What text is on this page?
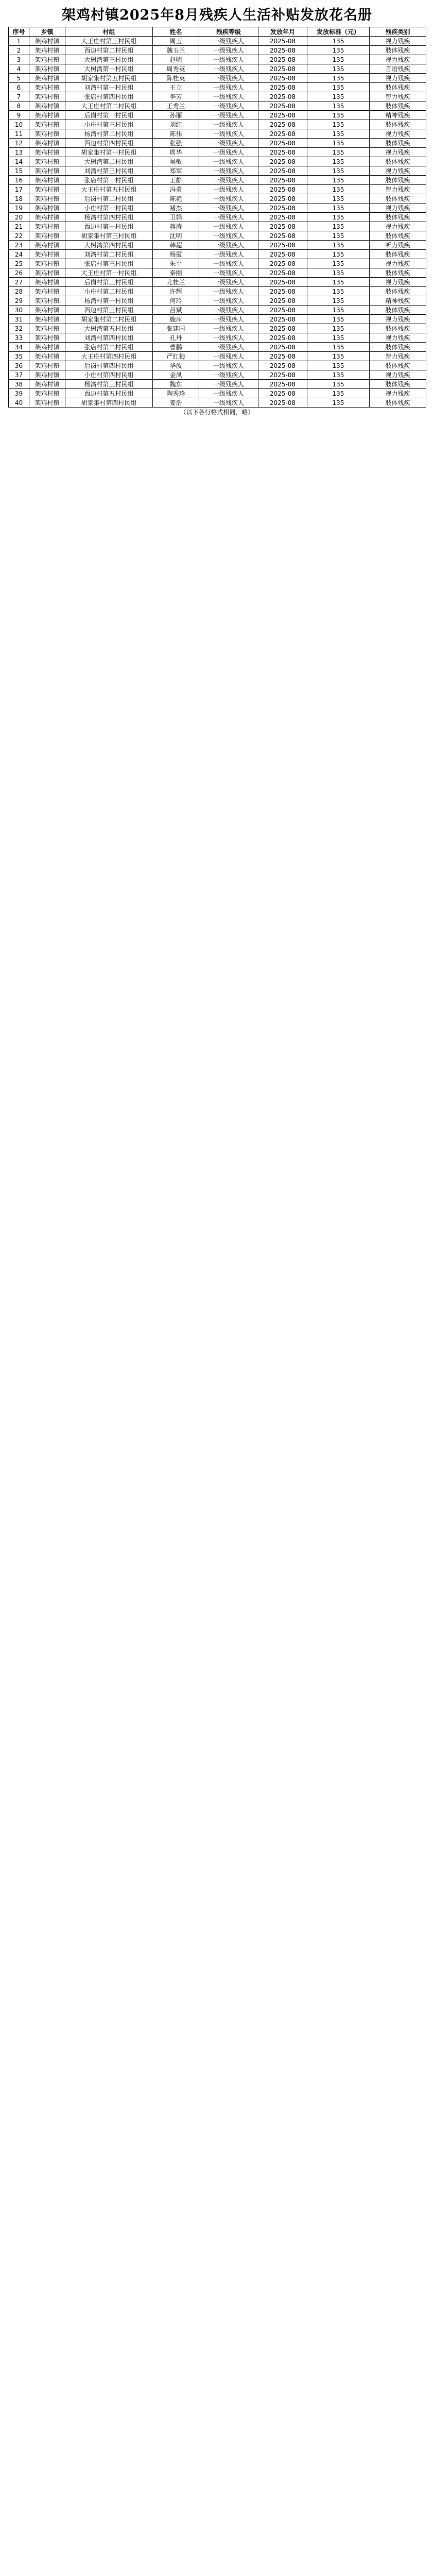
架鸡村镇2025年8月残疾人生活补贴发放花名册
序号	乡镇	村组	姓名	残疾等级	发放年月	发放标准（元）	残疾类别
1	架鸡村镇	大王庄村第三村民组	周玉	一级残疾人	2025-08	135	视力残疾
2	架鸡村镇	西边村第二村民组	魏玉兰	一级残疾人	2025-08	135	肢体残疾
3	架鸡村镇	大树湾第三村民组	赵明	一级残疾人	2025-08	135	视力残疾
4	架鸡村镇	大树湾第一村民组	周秀英	一级残疾人	2025-08	135	言语残疾
5	架鸡村镇	胡家集村第五村民组	陈桂英	一级残疾人	2025-08	135	视力残疾
6	架鸡村镇	刘湾村第一村民组	王立	一级残疾人	2025-08	135	肢体残疾
7	架鸡村镇	张店村第四村民组	李芳	一级残疾人	2025-08	135	智力残疾
8	架鸡村镇	大王庄村第二村民组	王秀兰	一级残疾人	2025-08	135	肢体残疾
9	架鸡村镇	后岗村第一村民组	孙丽	一级残疾人	2025-08	135	精神残疾
10	架鸡村镇	小庄村第三村民组	刘红	一级残疾人	2025-08	135	肢体残疾
11	架鸡村镇	杨湾村第二村民组	陈伟	一级残疾人	2025-08	135	视力残疾
12	架鸡村镇	西边村第四村民组	张强	一级残疾人	2025-08	135	肢体残疾
13	架鸡村镇	胡家集村第一村民组	周华	一级残疾人	2025-08	135	视力残疾
14	架鸡村镇	大树湾第二村民组	吴敏	一级残疾人	2025-08	135	肢体残疾
15	架鸡村镇	刘湾村第三村民组	郑军	一级残疾人	2025-08	135	视力残疾
16	架鸡村镇	张店村第一村民组	王静	一级残疾人	2025-08	135	肢体残疾
17	架鸡村镇	大王庄村第五村民组	冯勇	一级残疾人	2025-08	135	智力残疾
18	架鸡村镇	后岗村第二村民组	陈艳	一级残疾人	2025-08	135	肢体残疾
19	架鸡村镇	小庄村第一村民组	褚杰	一级残疾人	2025-08	135	视力残疾
20	架鸡村镇	杨湾村第四村民组	卫娟	一级残疾人	2025-08	135	肢体残疾
21	架鸡村镇	西边村第一村民组	蒋涛	一级残疾人	2025-08	135	视力残疾
22	架鸡村镇	胡家集村第三村民组	沈明	一级残疾人	2025-08	135	肢体残疾
23	架鸡村镇	大树湾第四村民组	韩超	一级残疾人	2025-08	135	听力残疾
24	架鸡村镇	刘湾村第二村民组	杨霞	一级残疾人	2025-08	135	肢体残疾
25	架鸡村镇	张店村第三村民组	朱平	一级残疾人	2025-08	135	视力残疾
26	架鸡村镇	大王庄村第一村民组	秦刚	一级残疾人	2025-08	135	肢体残疾
27	架鸡村镇	后岗村第三村民组	尤桂兰	一级残疾人	2025-08	135	视力残疾
28	架鸡村镇	小庄村第二村民组	许辉	一级残疾人	2025-08	135	肢体残疾
29	架鸡村镇	杨湾村第一村民组	何玲	一级残疾人	2025-08	135	精神残疾
30	架鸡村镇	西边村第三村民组	吕斌	一级残疾人	2025-08	135	肢体残疾
31	架鸡村镇	胡家集村第二村民组	施萍	一级残疾人	2025-08	135	视力残疾
32	架鸡村镇	大树湾第五村民组	张建国	一级残疾人	2025-08	135	肢体残疾
33	架鸡村镇	刘湾村第四村民组	孔丹	一级残疾人	2025-08	135	视力残疾
34	架鸡村镇	张店村第二村民组	曹鹏	一级残疾人	2025-08	135	肢体残疾
35	架鸡村镇	大王庄村第四村民组	严红梅	一级残疾人	2025-08	135	智力残疾
36	架鸡村镇	后岗村第四村民组	华波	一级残疾人	2025-08	135	肢体残疾
37	架鸡村镇	小庄村第四村民组	金凤	一级残疾人	2025-08	135	视力残疾
38	架鸡村镇	杨湾村第三村民组	魏东	一级残疾人	2025-08	135	肢体残疾
39	架鸡村镇	西边村第五村民组	陶秀珍	一级残疾人	2025-08	135	视力残疾
40	架鸡村镇	胡家集村第四村民组	姜浩	一级残疾人	2025-08	135	肢体残疾
（以下各行格式相同，略）
